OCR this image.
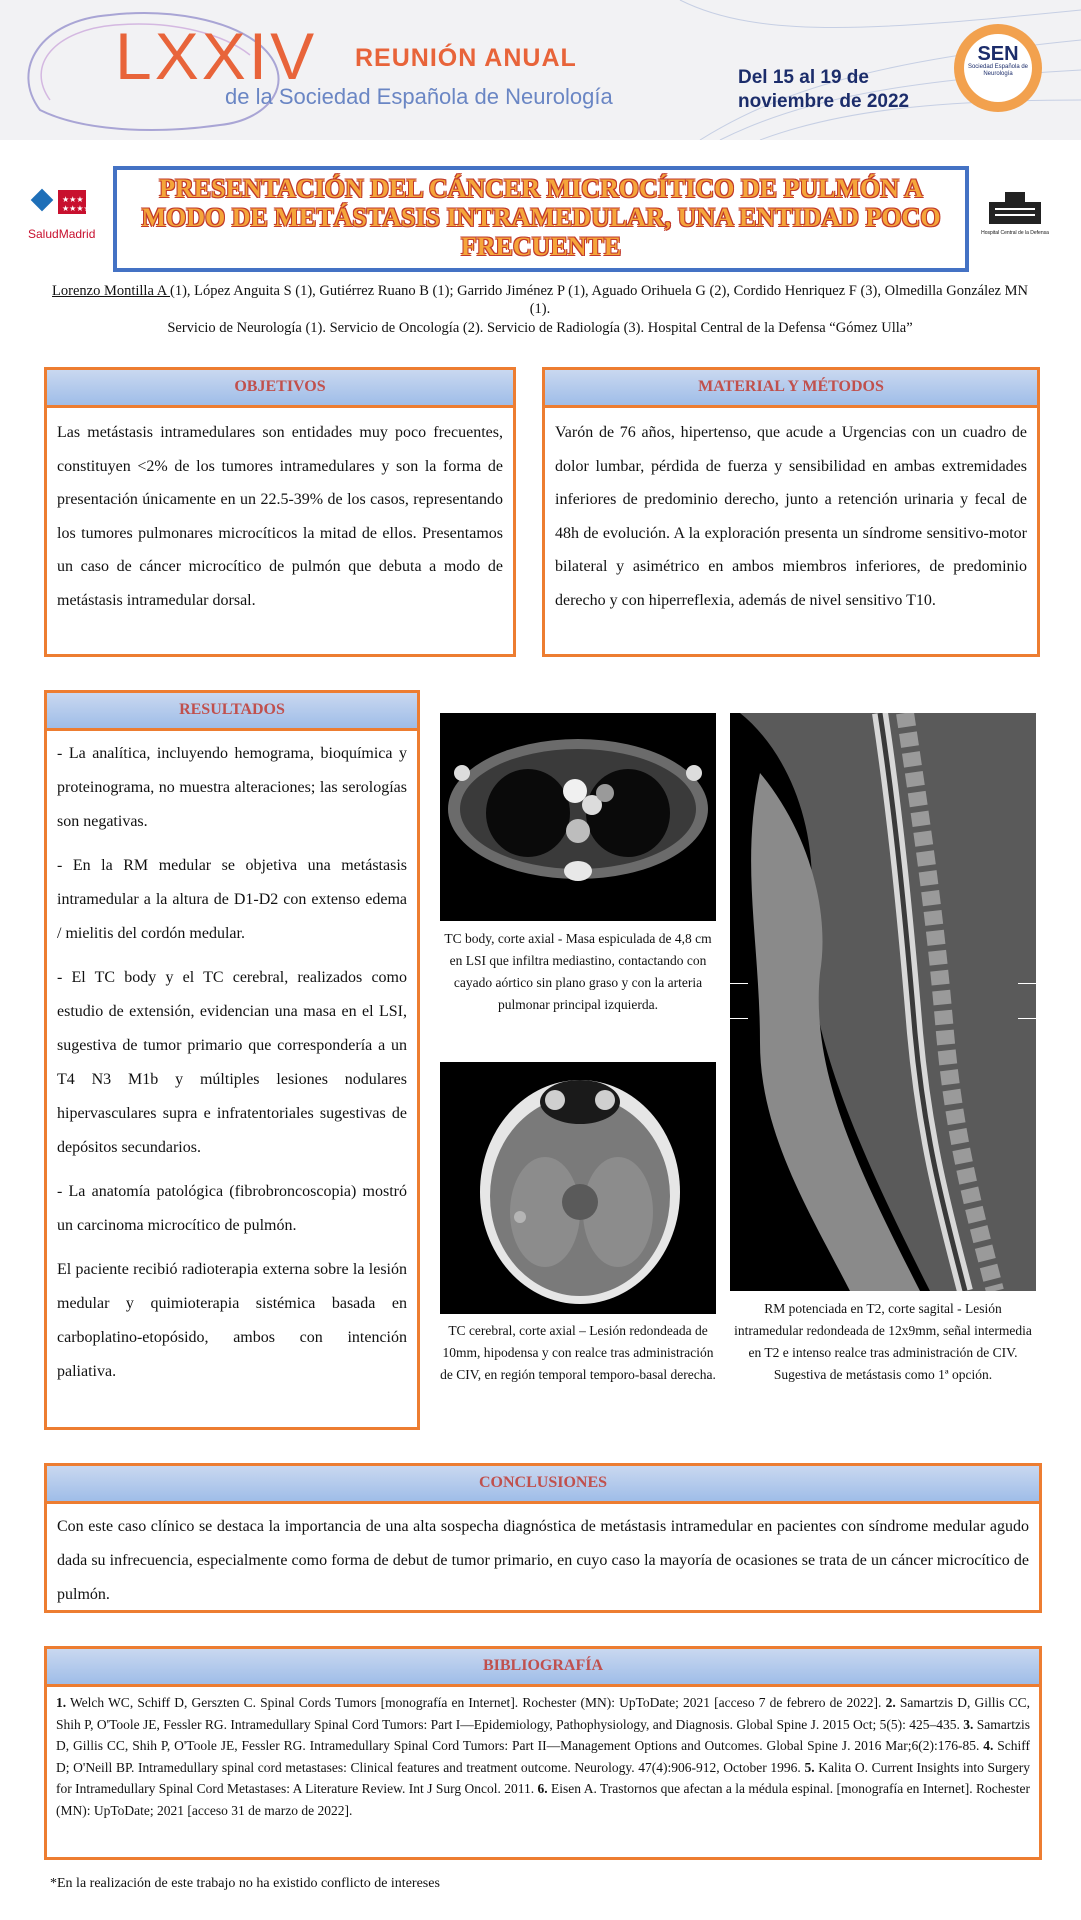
LXXIV REUNIÓN ANUAL
de la Sociedad Española de Neurología
Del 15 al 19 de
noviembre de 2022
SEN
Sociedad Española de Neurología
★★★
★★★★
SaludMadrid
PRESENTACIÓN DEL CÁNCER MICROCÍTICO DE PULMÓN A MODO DE METÁSTASIS INTRAMEDULAR, UNA ENTIDAD POCO FRECUENTE	Hospital Central de la Defensa
Lorenzo Montilla A (1), López Anguita S (1), Gutiérrez Ruano B (1); Garrido Jiménez P (1), Aguado Orihuela G (2), Cordido Henriquez F (3), Olmedilla González MN (1).
Servicio de Neurología (1). Servicio de Oncología (2). Servicio de Radiología (3). Hospital Central de la Defensa “Gómez Ulla”
OBJETIVOS
Las metástasis intramedulares son entidades muy poco frecuentes, constituyen <2% de los tumores intramedulares y son la forma de presentación únicamente en un 22.5-39% de los casos, representando los tumores pulmonares microcíticos la mitad de ellos. Presentamos un caso de cáncer microcítico de pulmón que debuta a modo de metástasis intramedular dorsal.
MATERIAL Y MÉTODOS
Varón de 76 años, hipertenso, que acude a Urgencias con un cuadro de dolor lumbar, pérdida de fuerza y sensibilidad en ambas extremidades inferiores de predominio derecho, junto a retención urinaria y fecal de 48h de evolución. A la exploración presenta un síndrome sensitivo-motor bilateral y asimétrico en ambos miembros inferiores, de predominio derecho y con hiperreflexia, además de nivel sensitivo T10.
RESULTADOS

- La analítica, incluyendo hemograma, bioquímica y proteinograma, no muestra alteraciones; las serologías son negativas.

- En la RM medular se objetiva una metástasis intramedular a la altura de D1-D2 con extenso edema / mielitis del cordón medular.

- El TC body y el TC cerebral, realizados como estudio de extensión, evidencian una masa en el LSI, sugestiva de tumor primario que correspondería a un T4 N3 M1b y múltiples lesiones nodulares hipervasculares supra e infratentoriales sugestivas de depósitos secundarios.

- La anatomía patológica (fibrobroncoscopia) mostró un carcinoma microcítico de pulmón.

El paciente recibió radioterapia externa sobre la lesión medular y quimioterapia sistémica basada en carboplatino-etopósido, ambos con intención paliativa.

TC body, corte axial - Masa espiculada de 4,8 cm en LSI que infiltra mediastino, contactando con cayado aórtico sin plano graso y con la arteria pulmonar principal izquierda.
TC cerebral, corte axial – Lesión redondeada de 10mm, hipodensa y con realce tras administración de CIV, en región temporal temporo-basal derecha.
RM potenciada en T2, corte sagital - Lesión intramedular redondeada de 12x9mm, señal intermedia en T2 e intenso realce tras administración de CIV. Sugestiva de metástasis como 1ª opción.
CONCLUSIONES
Con este caso clínico se destaca la importancia de una alta sospecha diagnóstica de metástasis intramedular en pacientes con síndrome medular agudo dada su infrecuencia, especialmente como forma de debut de tumor primario, en cuyo caso la mayoría de ocasiones se trata de un cáncer microcítico de pulmón.
BIBLIOGRAFÍA
1. Welch WC, Schiff D, Gerszten C. Spinal Cords Tumors [monografía en Internet]. Rochester (MN): UpToDate; 2021 [acceso 7 de febrero de 2022]. 2. Samartzis D, Gillis CC, Shih P, O'Toole JE, Fessler RG. Intramedullary Spinal Cord Tumors: Part I—Epidemiology, Pathophysiology, and Diagnosis. Global Spine J. 2015 Oct; 5(5): 425–435. 3. Samartzis D, Gillis CC, Shih P, O'Toole JE, Fessler RG. Intramedullary Spinal Cord Tumors: Part II—Management Options and Outcomes. Global Spine J. 2016 Mar;6(2):176-85. 4. Schiff D; O'Neill BP. Intramedullary spinal cord metastases: Clinical features and treatment outcome. Neurology. 47(4):906-912, October 1996. 5. Kalita O. Current Insights into Surgery for Intramedullary Spinal Cord Metastases: A Literature Review. Int J Surg Oncol. 2011. 6. Eisen A. Trastornos que afectan a la médula espinal. [monografía en Internet]. Rochester (MN): UpToDate; 2021 [acceso 31 de marzo de 2022].
*En la realización de este trabajo no ha existido conflicto de intereses
